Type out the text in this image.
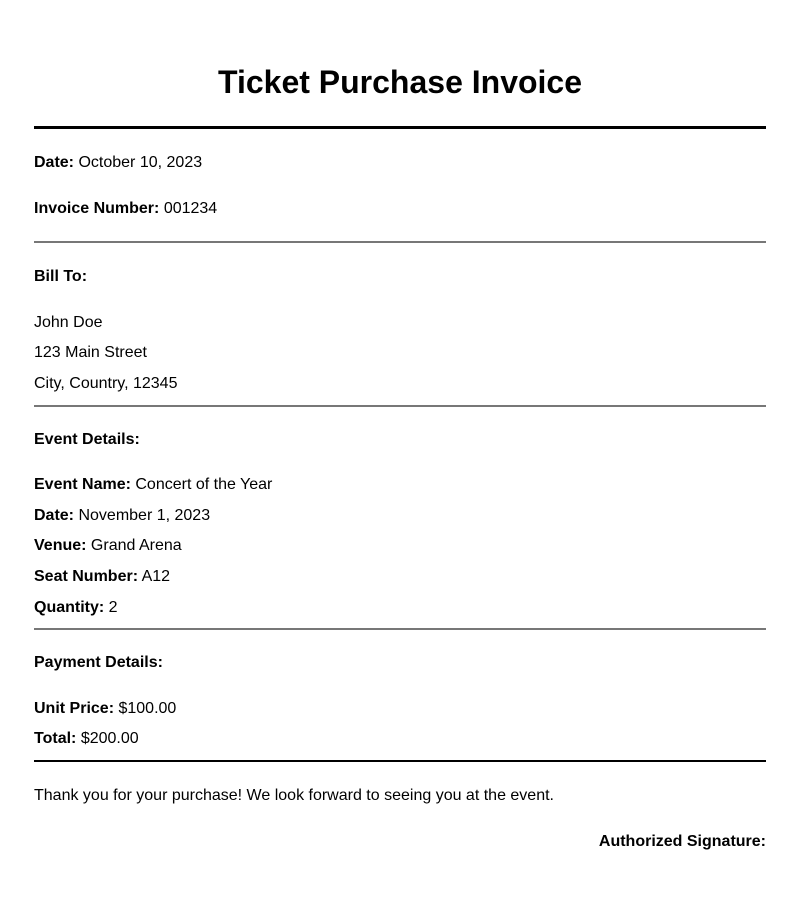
Ticket Purchase Invoice
Date: October 10, 2023
Invoice Number: 001234
Bill To:
John Doe
123 Main Street
City, Country, 12345
Event Details:
Event Name: Concert of the Year
Date: November 1, 2023
Venue: Grand Arena
Seat Number: A12
Quantity: 2
Payment Details:
Unit Price: $100.00
Total: $200.00
Thank you for your purchase! We look forward to seeing you at the event.
Authorized Signature:
